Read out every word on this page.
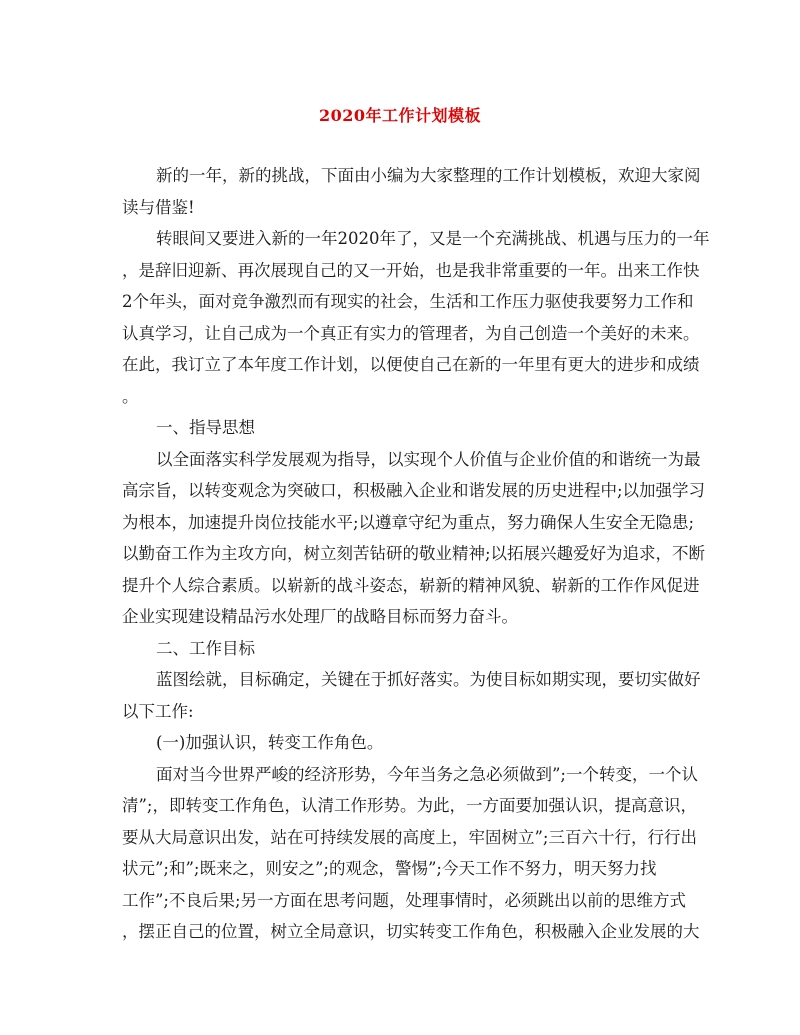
2020年工作计划模板
新的一年，新的挑战，下面由小编为大家整理的工作计划模板，欢迎大家阅
读与借鉴!
转眼间又要进入新的一年2020年了，又是一个充满挑战、机遇与压力的一年
，是辞旧迎新、再次展现自己的又一开始，也是我非常重要的一年。出来工作快
2个年头，面对竞争激烈而有现实的社会，生活和工作压力驱使我要努力工作和
认真学习，让自己成为一个真正有实力的管理者，为自己创造一个美好的未来。
在此，我订立了本年度工作计划，以便使自己在新的一年里有更大的进步和成绩
。
一、指导思想
以全面落实科学发展观为指导，以实现个人价值与企业价值的和谐统一为最
高宗旨，以转变观念为突破口，积极融入企业和谐发展的历史进程中;以加强学习
为根本，加速提升岗位技能水平;以遵章守纪为重点，努力确保人生安全无隐患;
以勤奋工作为主攻方向，树立刻苦钻研的敬业精神;以拓展兴趣爱好为追求，不断
提升个人综合素质。以崭新的战斗姿态，崭新的精神风貌、崭新的工作作风促进
企业实现建设精品污水处理厂的战略目标而努力奋斗。
二、工作目标
蓝图绘就，目标确定，关键在于抓好落实。为使目标如期实现，要切实做好
以下工作:
(一)加强认识，转变工作角色。
面对当今世界严峻的经济形势，今年当务之急必须做到”;一个转变，一个认
清”;，即转变工作角色，认清工作形势。为此，一方面要加强认识，提高意识，
要从大局意识出发，站在可持续发展的高度上，牢固树立”;三百六十行，行行出
状元”;和”;既来之，则安之”;的观念，警惕”;今天工作不努力，明天努力找
工作”;不良后果;另一方面在思考问题，处理事情时，必须跳出以前的思维方式
，摆正自己的位置，树立全局意识，切实转变工作角色，积极融入企业发展的大
